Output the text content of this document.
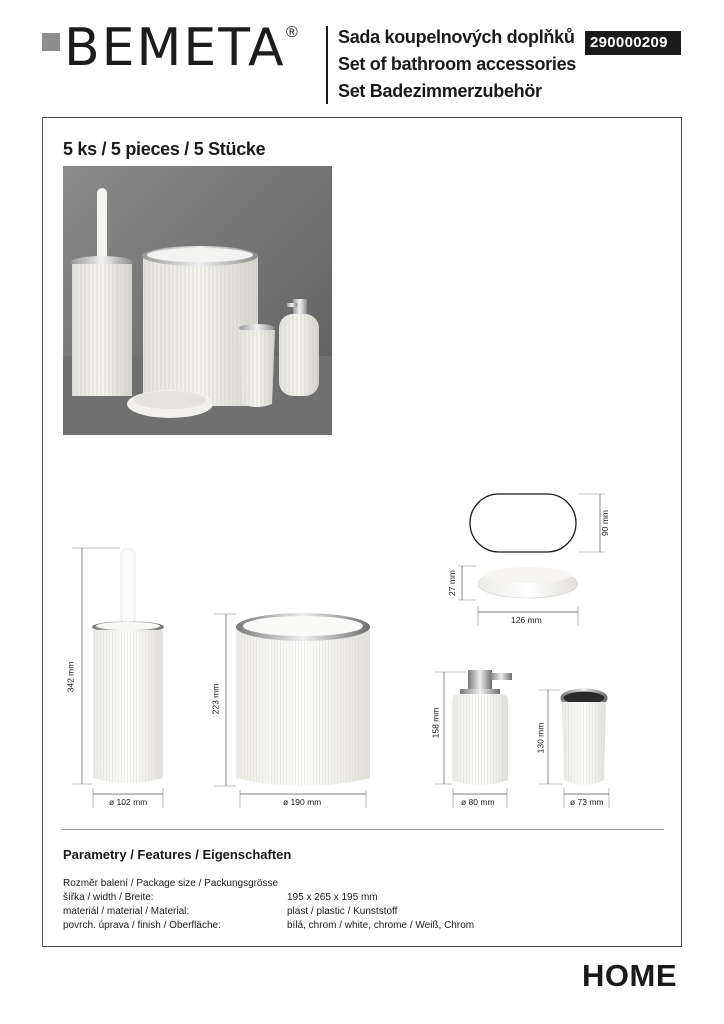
BEMETA ® Sada koupelnových doplňků
Set of bathroom accessories
Set Badezimmerzubehör
290000209
5 ks / 5 pieces / 5 Stücke
90 mm
27 mm
126 mm
342 mm
ø 102 mm
223 mm
ø 190 mm
158 mm
ø 80 mm
130 mm
ø 73 mm
Parametry / Features / Eigenschaften
Rozměr balení / Package size / Packungsgrösse
šířka / width / Breite:	195 x 265 x 195 mm
materiál / material / Material:	plast / plastic / Kunststoff
povrch. úprava / finish / Oberfläche:	bílá, chrom / white, chrome / Weiß, Chrom
HOME
